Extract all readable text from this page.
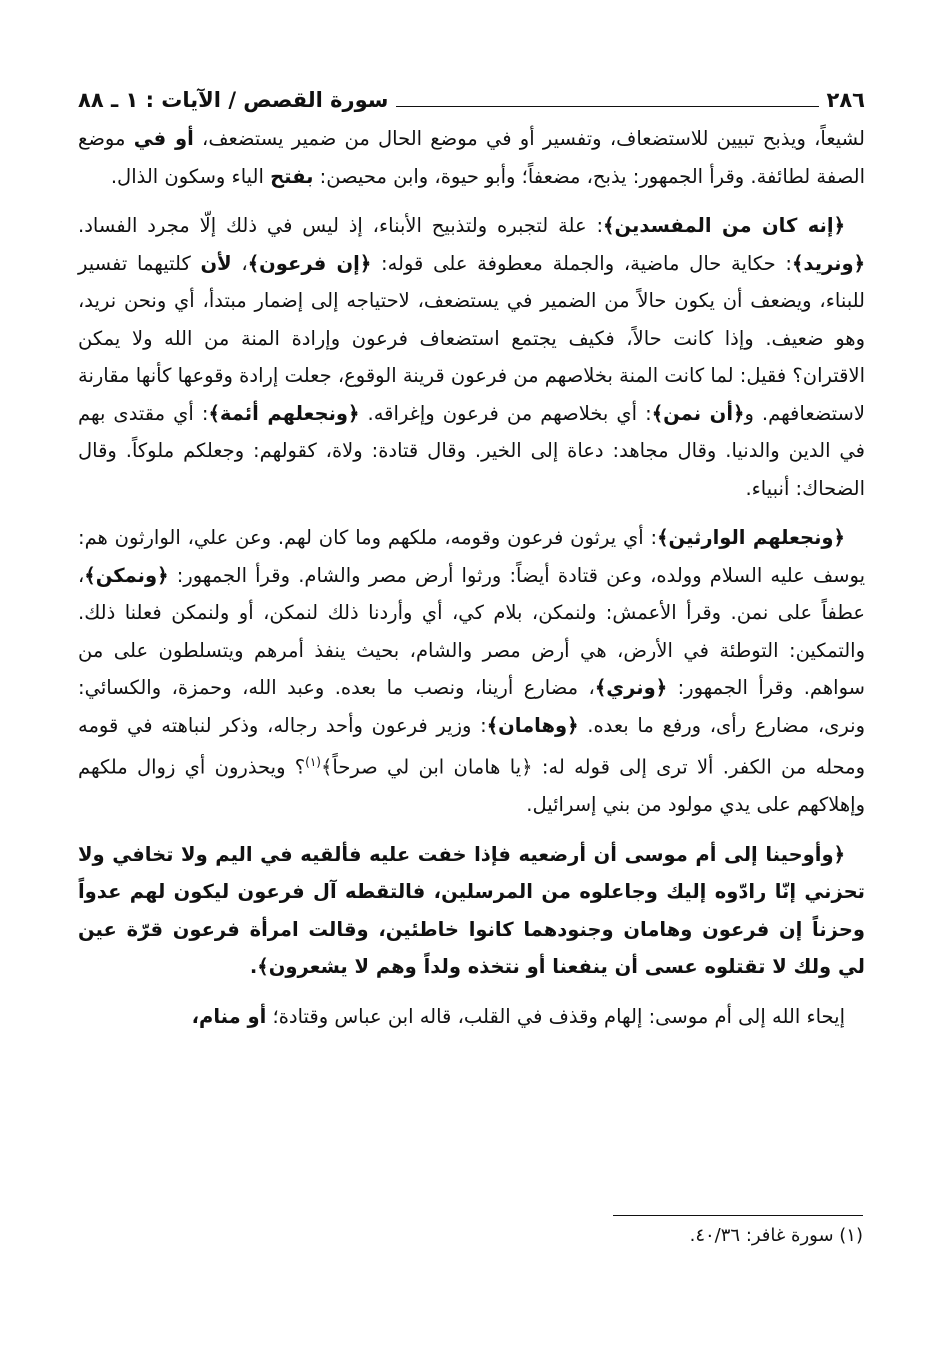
٢٨٦
سورة القصص / الآيات : ١ ـ ٨٨

لشيعاً، ويذبح تبيين للاستضعاف، وتفسير أو في موضع الحال من ضمير يستضعف، أو في موضع الصفة لطائفة. وقرأ الجمهور: يذبح، مضعفاً؛ وأبو حيوة، وابن محيصن: بفتح الياء وسكون الذال.

﴿إنه كان من المفسدين﴾: علة لتجبره ولتذبيح الأبناء، إذ ليس في ذلك إلّا مجرد الفساد. ﴿ونريد﴾: حكاية حال ماضية، والجملة معطوفة على قوله: ﴿إن فرعون﴾، لأن كلتيهما تفسير للبناء، ويضعف أن يكون حالاً من الضمير في يستضعف، لاحتياجه إلى إضمار مبتدأ، أي ونحن نريد، وهو ضعيف. وإذا كانت حالاً، فكيف يجتمع استضعاف فرعون وإرادة المنة من الله ولا يمكن الاقتران؟ فقيل: لما كانت المنة بخلاصهم من فرعون قرينة الوقوع، جعلت إرادة وقوعها كأنها مقارنة لاستضعافهم. و﴿أن نمن﴾: أي بخلاصهم من فرعون وإغراقه. ﴿ونجعلهم أئمة﴾: أي مقتدى بهم في الدين والدنيا. وقال مجاهد: دعاة إلى الخير. وقال قتادة: ولاة، كقولهم: وجعلكم ملوكاً. وقال الضحاك: أنبياء.

﴿ونجعلهم الوارثين﴾: أي يرثون فرعون وقومه، ملكهم وما كان لهم. وعن علي، الوارثون هم: يوسف عليه السلام وولده، وعن قتادة أيضاً: ورثوا أرض مصر والشام. وقرأ الجمهور: ﴿ونمكن﴾، عطفاً على نمن. وقرأ الأعمش: ولنمكن، بلام كي، أي وأردنا ذلك لنمكن، أو ولنمكن فعلنا ذلك. والتمكين: التوطئة في الأرض، هي أرض مصر والشام، بحيث ينفذ أمرهم ويتسلطون على من سواهم. وقرأ الجمهور: ﴿ونري﴾، مضارع أرينا، ونصب ما بعده. وعبد الله، وحمزة، والكسائي: ونرى، مضارع رأى، ورفع ما بعده. ﴿وهامان﴾: وزير فرعون وأحد رجاله، وذكر لنباهته في قومه ومحله من الكفر. ألا ترى إلى قوله له: ﴿يا هامان ابن لي صرحاً﴾$^{(١)}$؟ ويحذرون أي زوال ملكهم وإهلاكهم على يدي مولود من بني إسرائيل.

﴿وأوحينا إلى أم موسى أن أرضعيه فإذا خفت عليه فألقيه في اليم ولا تخافي ولا تحزني إنّا رادّوه إليك وجاعلوه من المرسلين، فالتقطه آل فرعون ليكون لهم عدواً وحزناً إن فرعون وهامان وجنودهما كانوا خاطئين، وقالت امرأة فرعون قرّة عين لي ولك لا تقتلوه عسى أن ينفعنا أو نتخذه ولداً وهم لا يشعرون﴾.

إيحاء الله إلى أم موسى: إلهام وقذف في القلب، قاله ابن عباس وقتادة؛ أو منام،

(١) سورة غافر: ٤٠/٣٦.
